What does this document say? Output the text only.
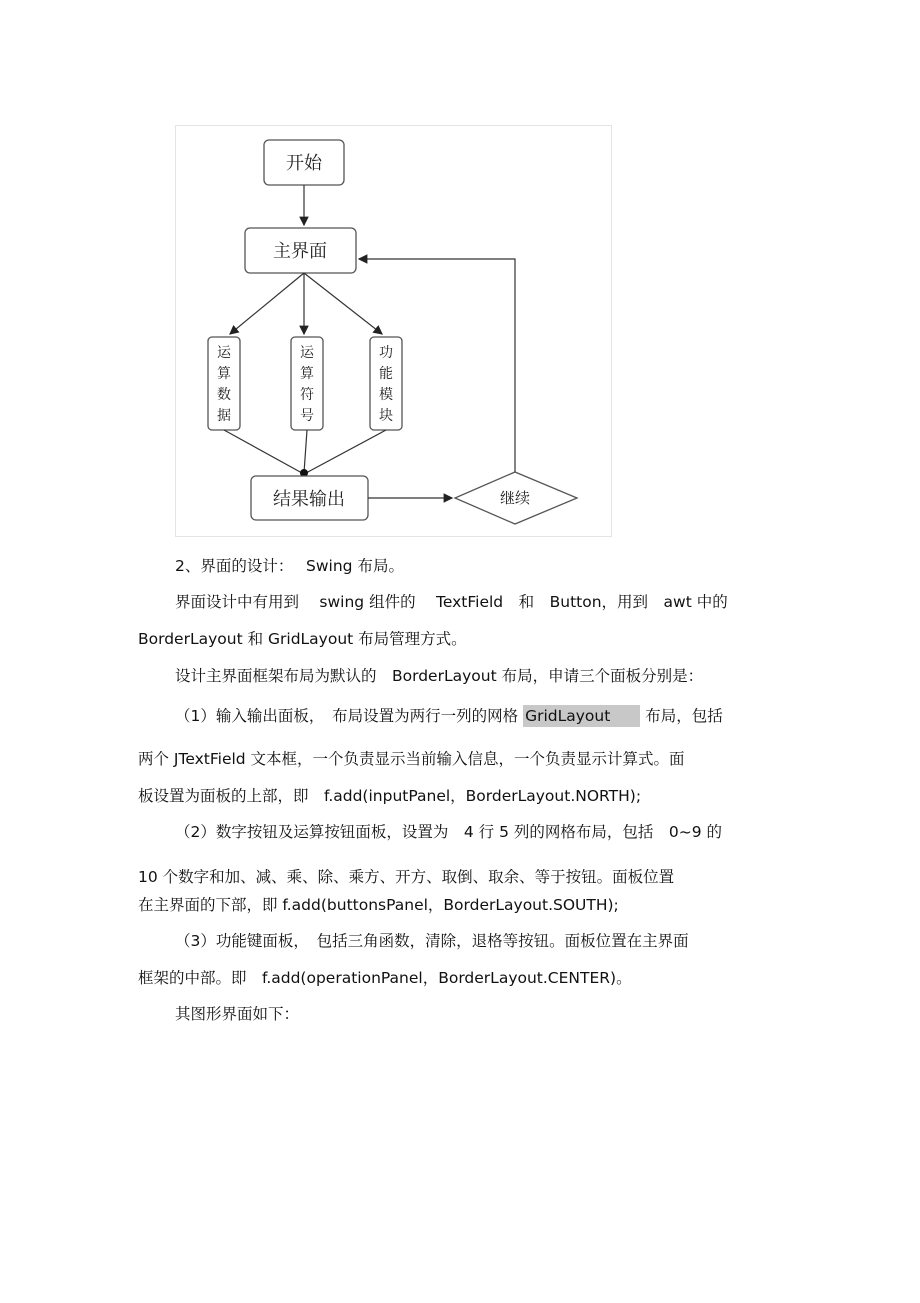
开始
主界面
运
算
数
据
运
算
符
号
功
能
模
块
结果输出	继续
2、界面的设计：　 Swing 布局。
界面设计中有用到　 swing 组件的　 TextField　和　Button，用到　awt 中的
BorderLayout 和 GridLayout 布局管理方式。
设计主界面框架布局为默认的　BorderLayout 布局，申请三个面板分别是：
（1）输入输出面板，　布局设置为两行一列的网格 GridLayout 布局，包括
两个 JTextField 文本框，一个负责显示当前输入信息，一个负责显示计算式。面
板设置为面板的上部，即　f.add(inputPanel，BorderLayout.NORTH);
（2）数字按钮及运算按钮面板，设置为　4 行 5 列的网格布局，包括　0~9 的
10 个数字和加、减、乘、除、乘方、开方、取倒、取余、等于按钮。面板位置
在主界面的下部，即 f.add(buttonsPanel，BorderLayout.SOUTH);
（3）功能键面板，　包括三角函数，清除，退格等按钮。面板位置在主界面
框架的中部。即　f.add(operationPanel，BorderLayout.CENTER)。
其图形界面如下：
